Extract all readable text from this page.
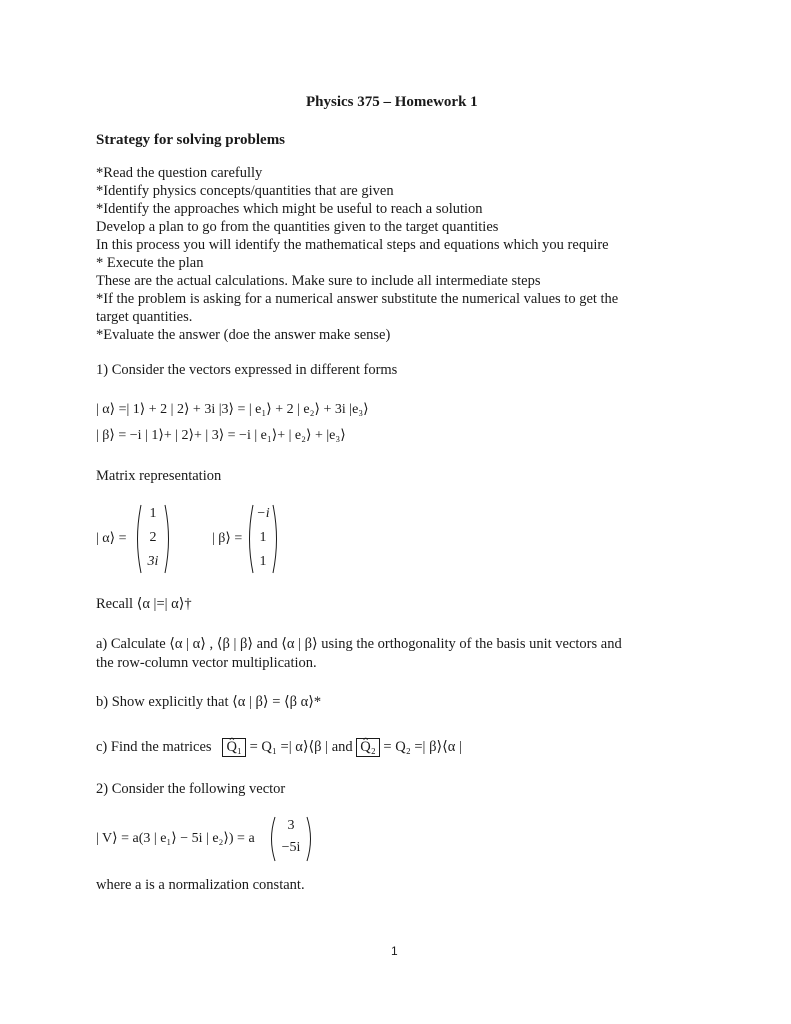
Physics 375 – Homework 1
Strategy for solving problems
*Read the question carefully
*Identify physics concepts/quantities that are given
*Identify the approaches which might be useful to reach a solution
Develop a plan to go from the quantities given to the target quantities
In this process you will identify the mathematical steps and equations which you require
* Execute the plan
These are the actual calculations. Make sure to include all intermediate steps
*If the problem is asking for a numerical answer substitute the numerical values to get the
target quantities.
*Evaluate the answer (doe the answer make sense)
1) Consider the vectors expressed in different forms
| α⟩ =| 1⟩ + 2 | 2⟩ + 3i |3⟩ = | e₁⟩ + 2 | e₂⟩ + 3i |e₃⟩
| β⟩ = −i | 1⟩+ | 2⟩+ | 3⟩ = −i | e₁⟩+ | e₂⟩ + |e₃⟩
Matrix representation
| α⟩ =
1
2
3i
| β⟩ =
−i
1
1
Recall ⟨α |=| α⟩†
a) Calculate ⟨α | α⟩ , ⟨β | β⟩ and ⟨α | β⟩ using the orthogonality of the basis unit vectors and
the row-column vector multiplication.
b) Show explicitly that ⟨α | β⟩ = ⟨β α⟩*
c) Find the matrices Q̂₁ = Q₁ =| α⟩⟨β | and Q̂₂ = Q₂ =| β⟩⟨α |
2) Consider the following vector
| V⟩ = a(3 | e₁⟩ − 5i | e₂⟩) = a
3
−5i
where a is a normalization constant.
1
